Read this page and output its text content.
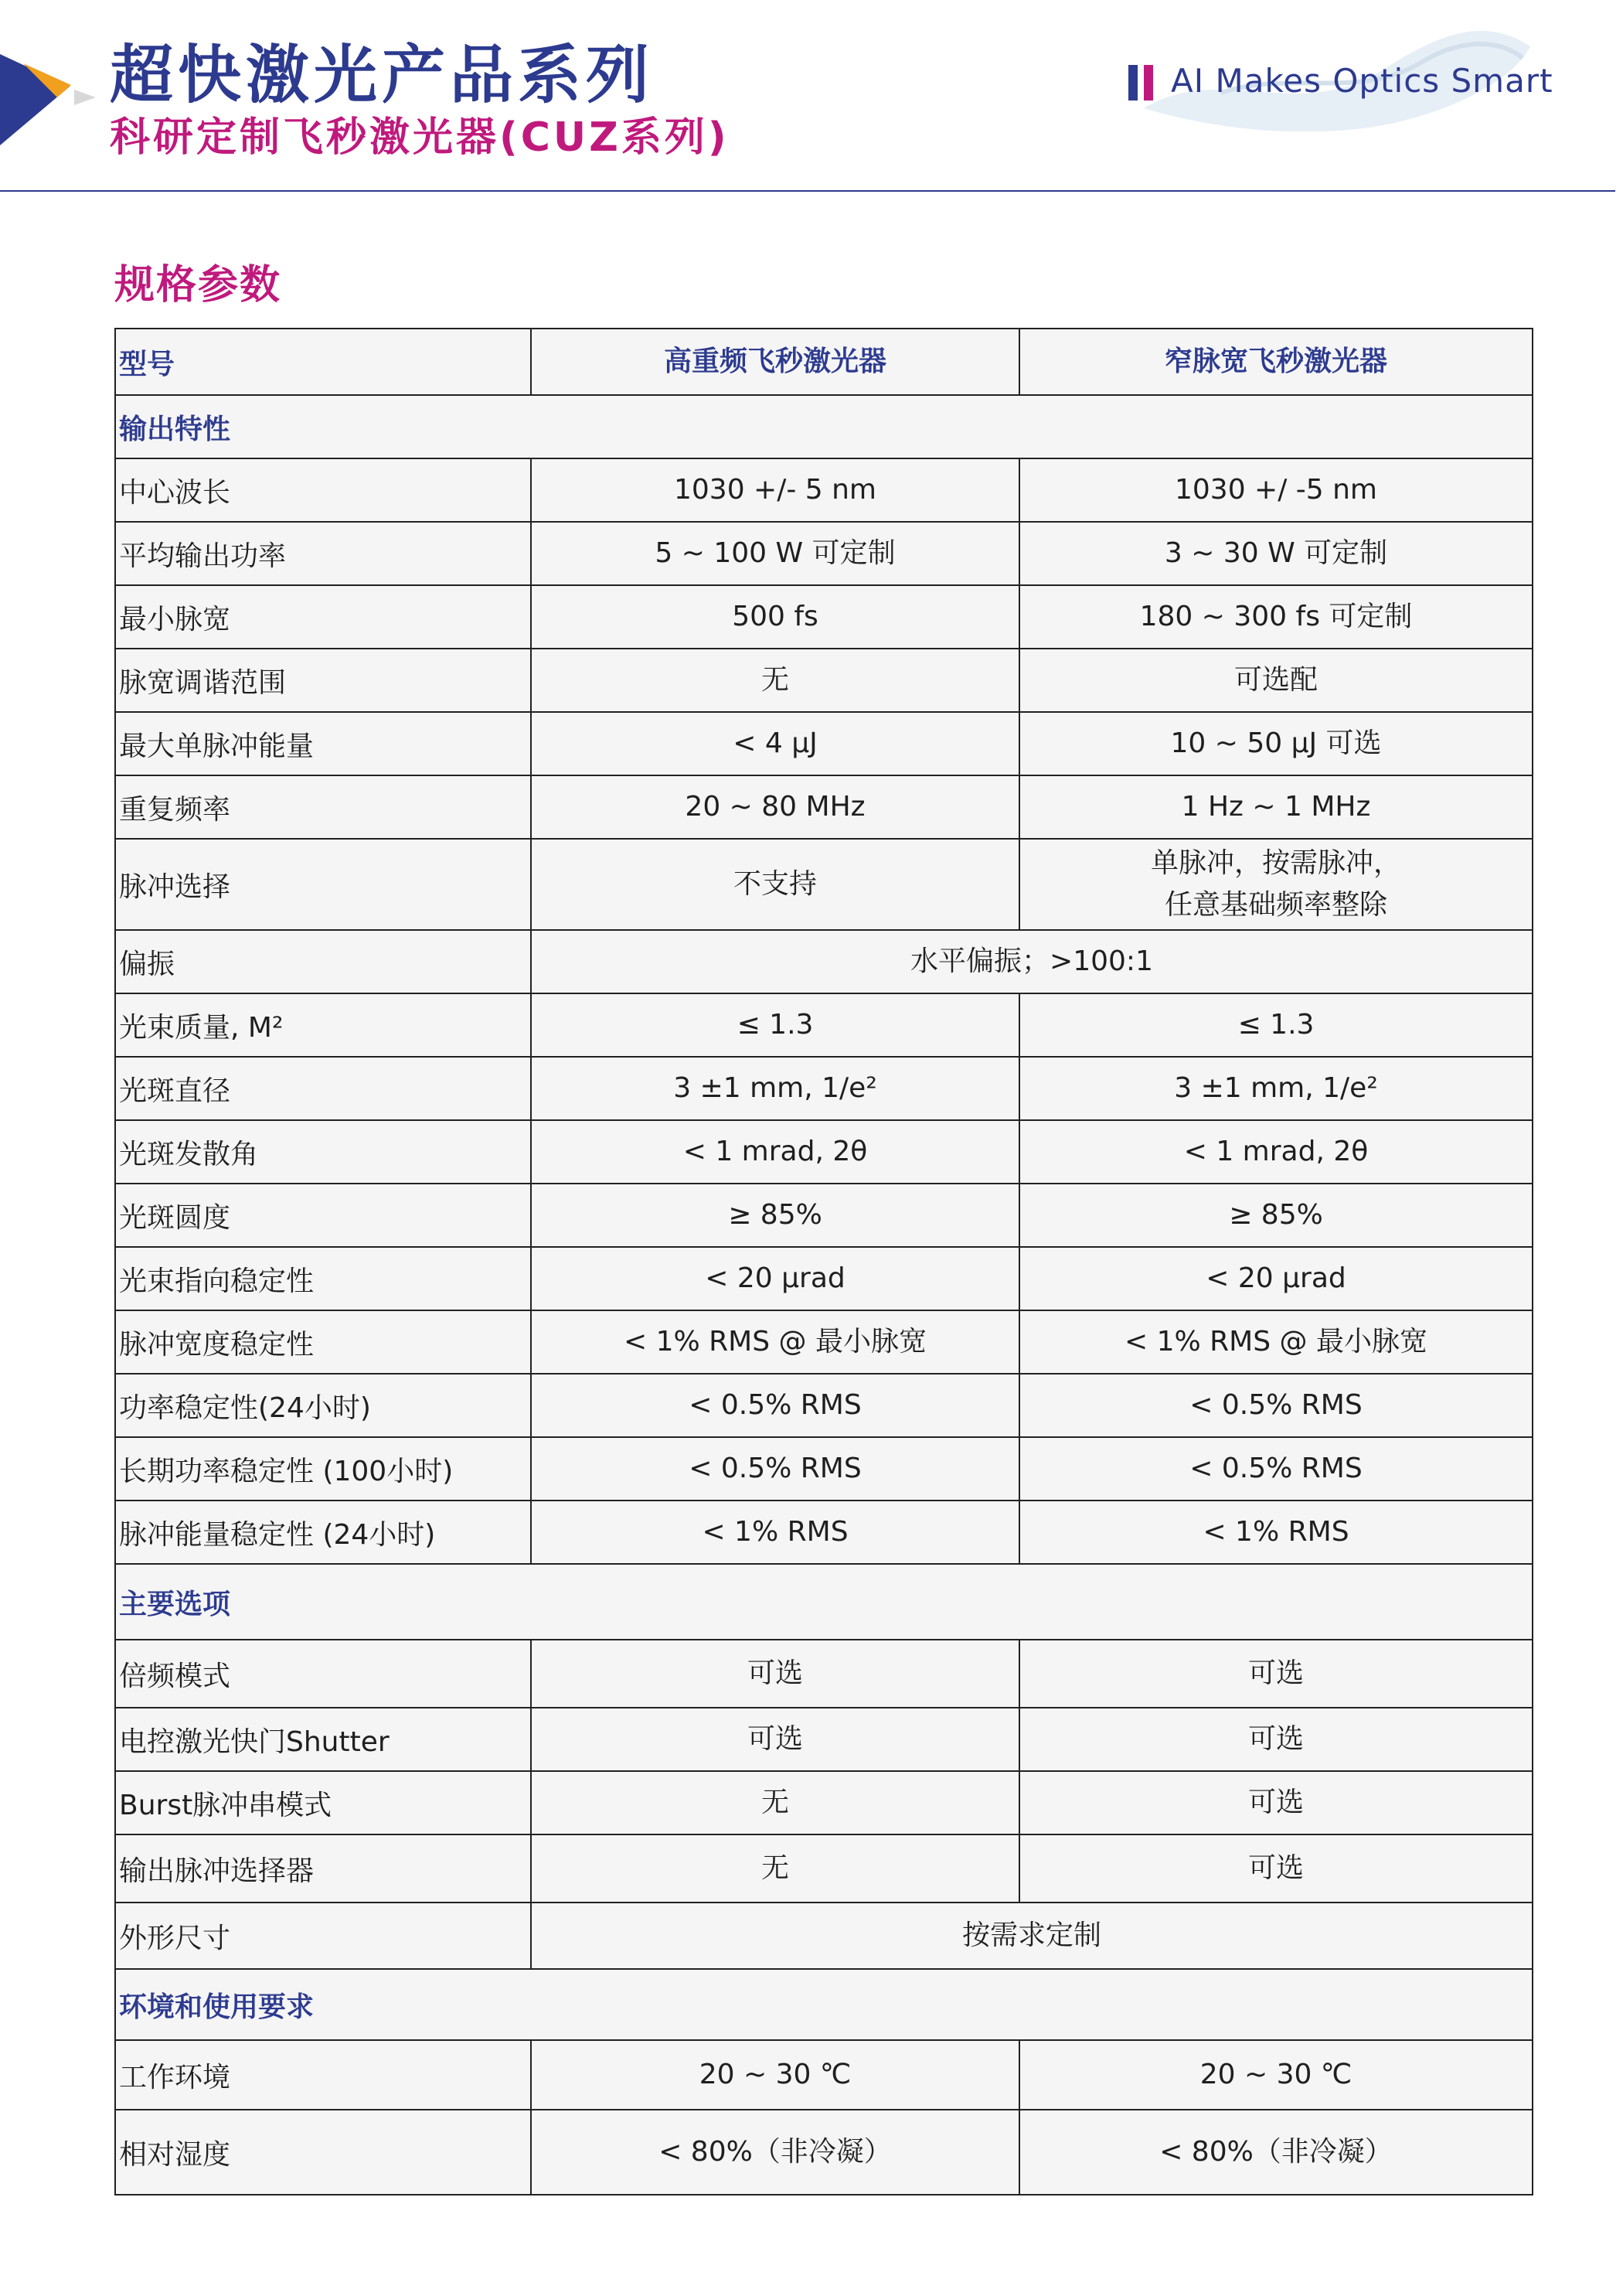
超快激光产品系列
科研定制飞秒激光器(CUZ系列)
AI Makes Optics Smart
规格参数
型号	高重频飞秒激光器	窄脉宽飞秒激光器
输出特性		
中心波长	1030 +/- 5 nm	1030 +/ -5 nm
平均输出功率	5 ~ 100 W 可定制	3 ~ 30 W 可定制
最小脉宽	500 fs	180 ~ 300 fs 可定制
脉宽调谐范围	无	可选配
最大单脉冲能量	< 4 μJ	10 ~ 50 μJ 可选
重复频率	20 ~ 80 MHz	1 Hz ~ 1 MHz
脉冲选择	不支持	单脉冲，按需脉冲，
任意基础频率整除

偏振	水平偏振；>100:1	
光束质量, M²	≤ 1.3	≤ 1.3
光斑直径	3 ±1 mm, 1/e²	3 ±1 mm, 1/e²
光斑发散角	< 1 mrad, 2θ	< 1 mrad, 2θ
光斑圆度	≥ 85%	≥ 85%
光束指向稳定性	< 20 μrad	< 20 μrad
脉冲宽度稳定性	< 1% RMS @ 最小脉宽	< 1% RMS @ 最小脉宽
功率稳定性(24小时)	< 0.5% RMS	< 0.5% RMS
长期功率稳定性 (100小时)	< 0.5% RMS	< 0.5% RMS
脉冲能量稳定性 (24小时)	< 1% RMS	< 1% RMS
主要选项		
倍频模式	可选	可选
电控激光快门Shutter	可选	可选
Burst脉冲串模式	无	可选
输出脉冲选择器	无	可选
外形尺寸	按需求定制	
环境和使用要求		
工作环境	20 ~ 30 ℃	20 ~ 30 ℃
相对湿度	< 80%（非冷凝）	< 80%（非冷凝）
